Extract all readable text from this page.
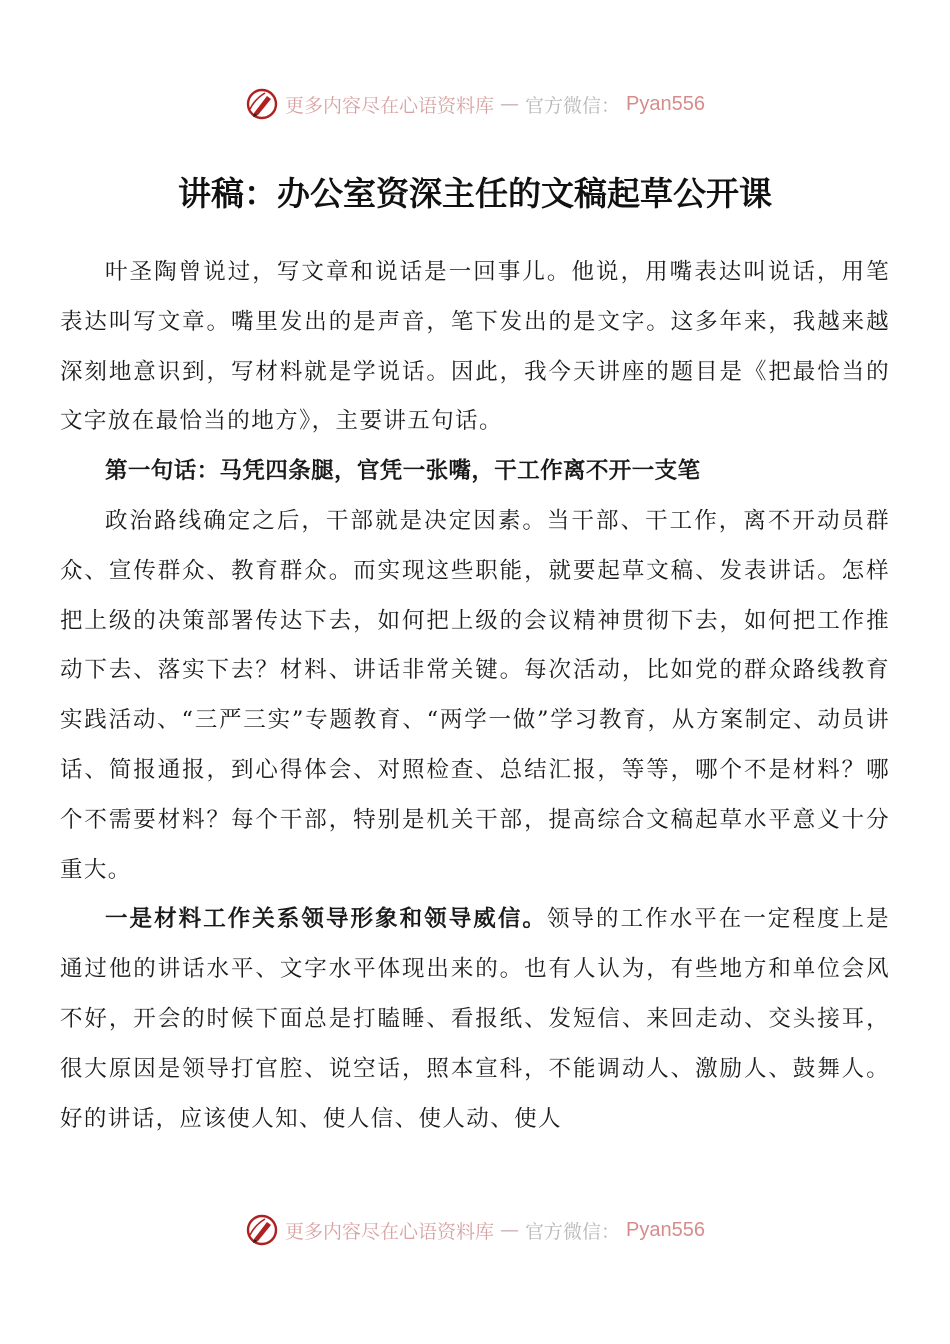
更多内容尽在心语资料库 — 官方微信： Pyan556
讲稿：办公室资深主任的文稿起草公开课

叶圣陶曾说过，写文章和说话是一回事儿。他说，用嘴表达叫说话，用笔表达叫写文章。嘴里发出的是声音，笔下发出的是文字。这多年来，我越来越深刻地意识到，写材料就是学说话。因此，我今天讲座的题目是《把最恰当的文字放在最恰当的地方》，主要讲五句话。

第一句话：马凭四条腿，官凭一张嘴，干工作离不开一支笔

政治路线确定之后，干部就是决定因素。当干部、干工作，离不开动员群众、宣传群众、教育群众。而实现这些职能，就要起草文稿、发表讲话。怎样把上级的决策部署传达下去，如何把上级的会议精神贯彻下去，如何把工作推动下去、落实下去？材料、讲话非常关键。每次活动，比如党的群众路线教育实践活动、“三严三实”专题教育、“两学一做”学习教育，从方案制定、动员讲话、简报通报，到心得体会、对照检查、总结汇报，等等，哪个不是材料？哪个不需要材料？每个干部，特别是机关干部，提高综合文稿起草水平意义十分重大。

一是材料工作关系领导形象和领导威信。领导的工作水平在一定程度上是通过他的讲话水平、文字水平体现出来的。也有人认为，有些地方和单位会风不好，开会的时候下面总是打瞌睡、看报纸、发短信、来回走动、交头接耳，很大原因是领导打官腔、说空话，照本宣科，不能调动人、激励人、鼓舞人。好的讲话，应该使人知、使人信、使人动、使人

更多内容尽在心语资料库 — 官方微信： Pyan556
